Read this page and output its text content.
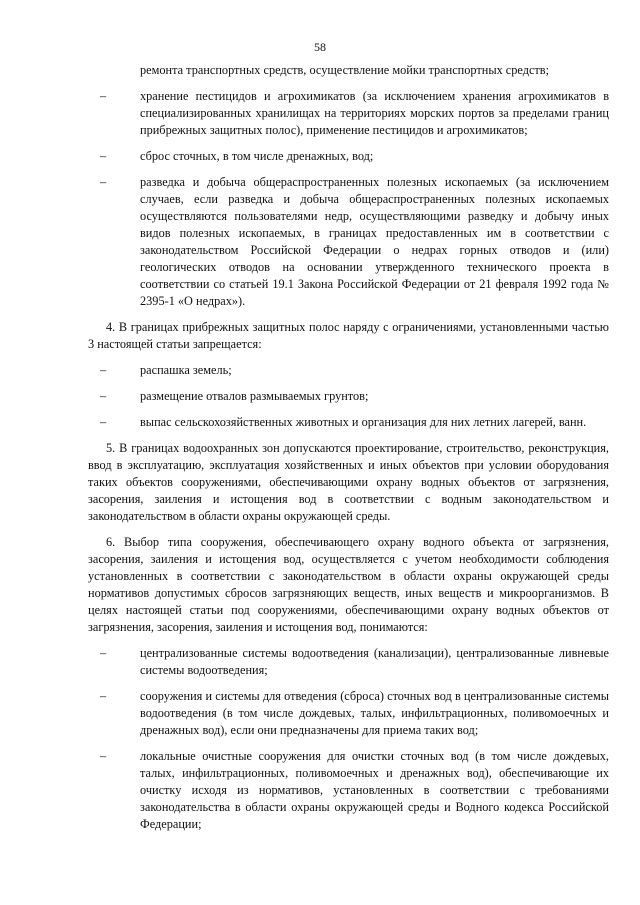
58
ремонта транспортных средств, осуществление мойки транспортных средств;
–	хранение пестицидов и агрохимикатов (за исключением хранения агрохимикатов в специализированных хранилищах на территориях морских портов за пределами границ прибрежных защитных полос), применение пестицидов и агрохимикатов;
–	сброс сточных, в том числе дренажных, вод;
–	разведка и добыча общераспространенных полезных ископаемых (за исключением случаев, если разведка и добыча общераспространенных полезных ископаемых осуществляются пользователями недр, осуществляющими разведку и добычу иных видов полезных ископаемых, в границах предоставленных им в соответствии с законодательством Российской Федерации о недрах горных отводов и (или) геологических отводов на основании утвержденного технического проекта в соответствии со статьей 19.1 Закона Российской Федерации от 21 февраля 1992 года № 2395-1 «О недрах»).
4. В границах прибрежных защитных полос наряду с ограничениями, установленными частью 3 настоящей статьи запрещается:
–	распашка земель;
–	размещение отвалов размываемых грунтов;
–	выпас сельскохозяйственных животных и организация для них летних лагерей, ванн.
5. В границах водоохранных зон допускаются проектирование, строительство, реконструкция, ввод в эксплуатацию, эксплуатация хозяйственных и иных объектов при условии оборудования таких объектов сооружениями, обеспечивающими охрану водных объектов от загрязнения, засорения, заиления и истощения вод в соответствии с водным законодательством и законодательством в области охраны окружающей среды.
6. Выбор типа сооружения, обеспечивающего охрану водного объекта от загрязнения, засорения, заиления и истощения вод, осуществляется с учетом необходимости соблюдения установленных в соответствии с законодательством в области охраны окружающей среды нормативов допустимых сбросов загрязняющих веществ, иных веществ и микроорганизмов. В целях настоящей статьи под сооружениями, обеспечивающими охрану водных объектов от загрязнения, засорения, заиления и истощения вод, понимаются:
–	централизованные системы водоотведения (канализации), централизованные ливневые системы водоотведения;
–	сооружения и системы для отведения (сброса) сточных вод в централизованные системы водоотведения (в том числе дождевых, талых, инфильтрационных, поливомоечных и дренажных вод), если они предназначены для приема таких вод;
–	локальные очистные сооружения для очистки сточных вод (в том числе дождевых, талых, инфильтрационных, поливомоечных и дренажных вод), обеспечивающие их очистку исходя из нормативов, установленных в соответствии с требованиями законодательства в области охраны окружающей среды и Водного кодекса Российской Федерации;
